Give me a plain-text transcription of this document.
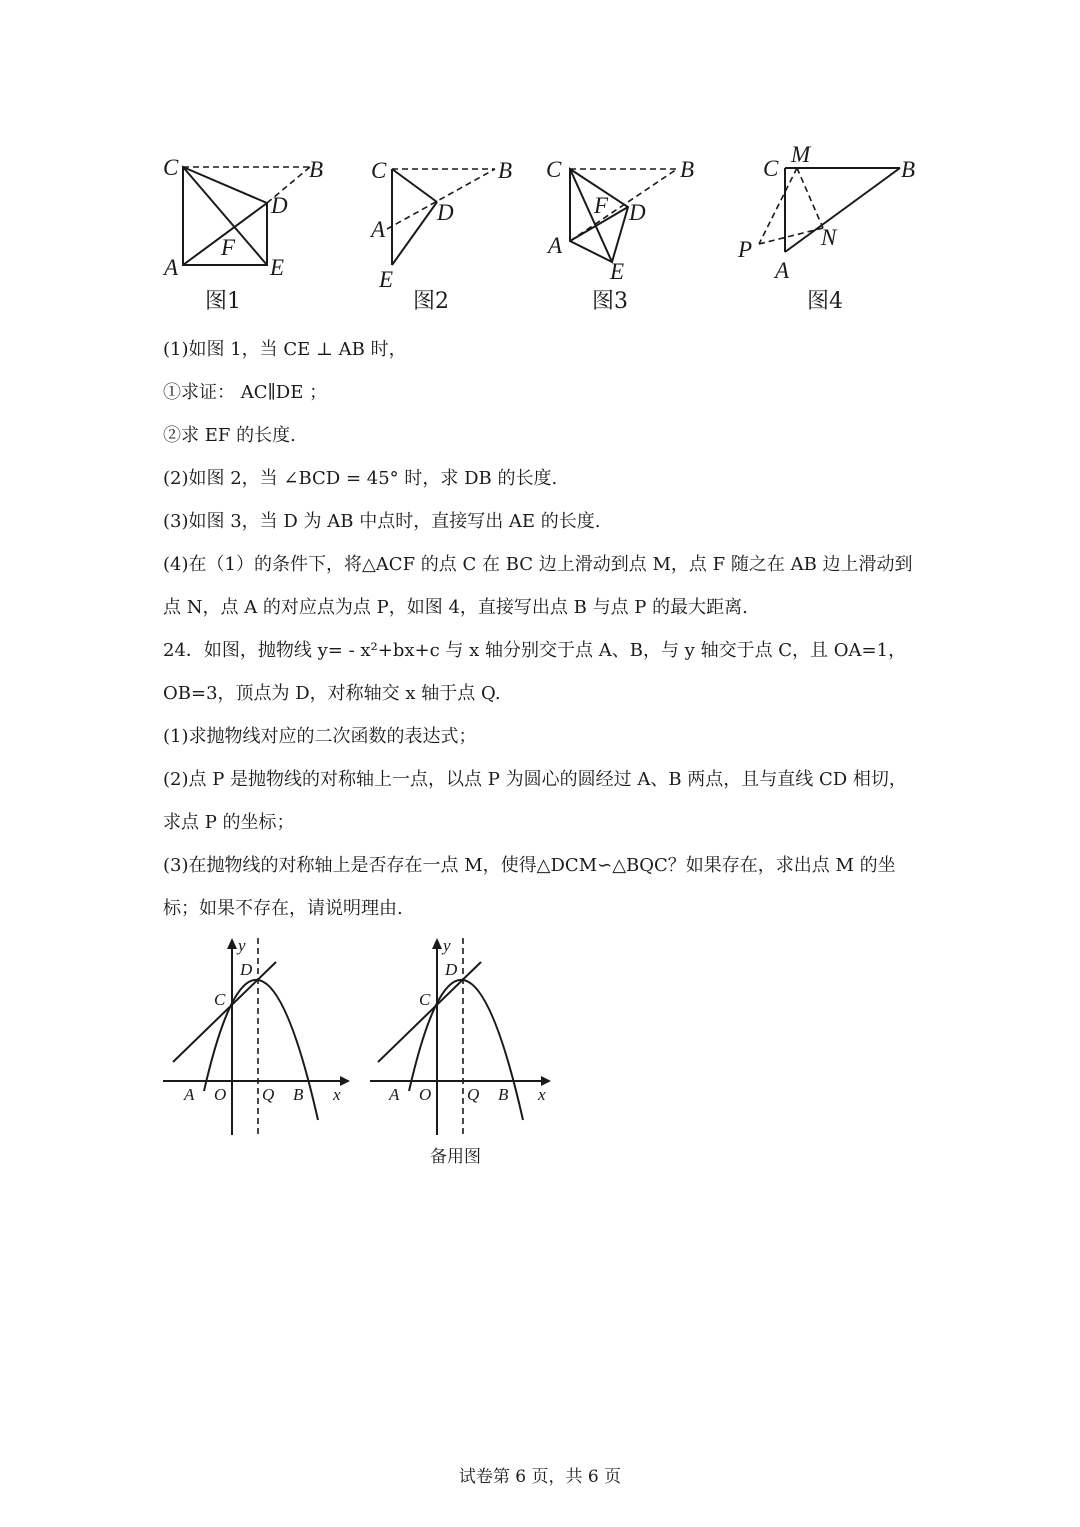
C	B
D
F
A	E
图1
C	B
A
D
E
图2
C	B
F D
A
E
图3
C
M
B
N
P
A
图4
(1)如图 1，当 CE ⊥ AB 时，
①求证： AC∥DE ；
②求 EF 的长度.
(2)如图 2，当 ∠BCD = 45° 时，求 DB 的长度.
(3)如图 3，当 D 为 AB 中点时，直接写出 AE 的长度.
(4)在（1）的条件下，将△ACF 的点 C 在 BC 边上滑动到点 M，点 F 随之在 AB 边上滑动到
点 N，点 A 的对应点为点 P，如图 4，直接写出点 B 与点 P 的最大距离.
24．如图，抛物线 y= - x²+bx+c 与 x 轴分别交于点 A、B，与 y 轴交于点 C，且 OA=1，
OB=3，顶点为 D，对称轴交 x 轴于点 Q.
(1)求抛物线对应的二次函数的表达式；
(2)点 P 是抛物线的对称轴上一点，以点 P 为圆心的圆经过 A、B 两点，且与直线 CD 相切，
求点 P 的坐标；
(3)在抛物线的对称轴上是否存在一点 M，使得△DCM∽△BQC？如果存在，求出点 M 的坐
标；如果不存在，请说明理由.
y
D
C
A O Q B x
y
D
C
A O Q B x
备用图
试卷第 6 页，共 6 页
